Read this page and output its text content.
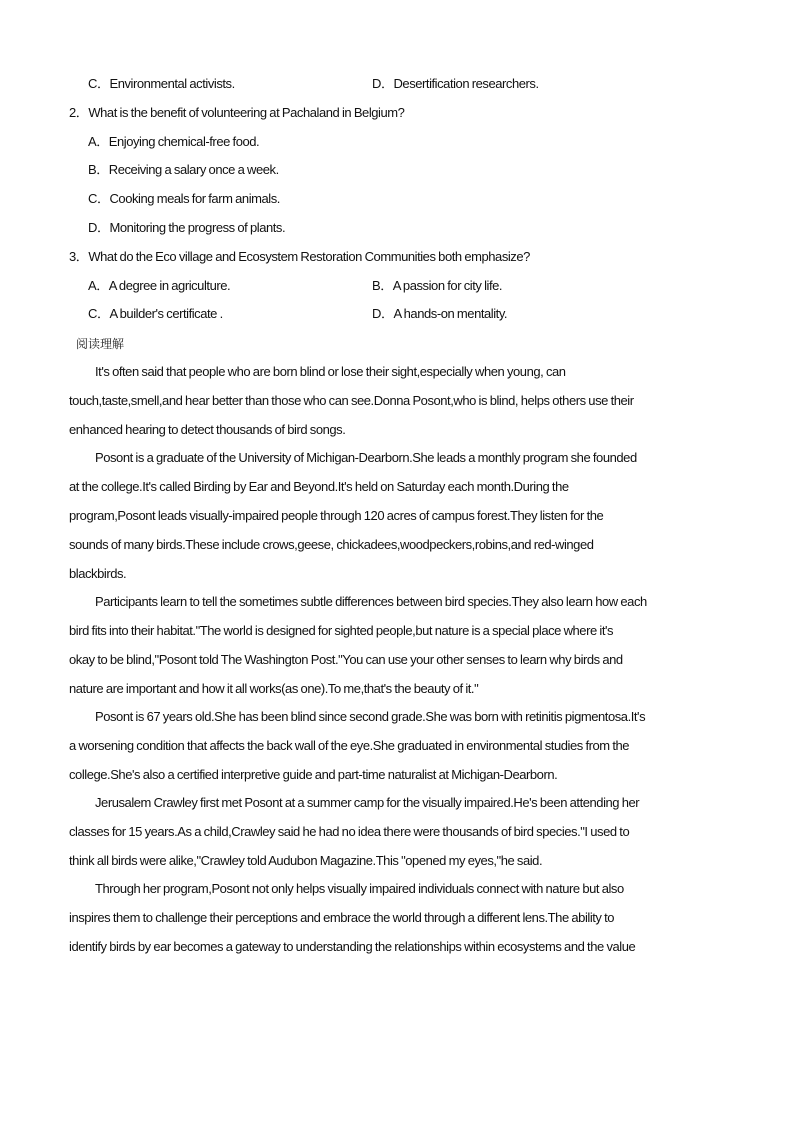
C．Environmental activists.	D．Desertification researchers.
2．What is the benefit of volunteering at Pachaland in Belgium?
A．Enjoying chemical-free food.
B．Receiving a salary once a week.
C．Cooking meals for farm animals.
D．Monitoring the progress of plants.
3．What do the Eco village and Ecosystem Restoration Communities both emphasize?
A．A degree in agriculture.	B．A passion for city life.
C．A builder's certificate .	D．A hands-on mentality.
阅读理解
It's often said that people who are born blind or lose their sight,especially when young, can
touch,taste,smell,and hear better than those who can see.Donna Posont,who is blind, helps others use their
enhanced hearing to detect thousands of bird songs.
Posont is a graduate of the University of Michigan-Dearborn.She leads a monthly program she founded
at the college.It's called Birding by Ear and Beyond.It's held on Saturday each month.During the
program,Posont leads visually-impaired people through 120 acres of campus forest.They listen for the
sounds of many birds.These include crows,geese, chickadees,woodpeckers,robins,and red-winged
blackbirds.
Participants learn to tell the sometimes subtle differences between bird species.They also learn how each
bird fits into their habitat."The world is designed for sighted people,but nature is a special place where it's
okay to be blind,"Posont told The Washington Post."You can use your other senses to learn why birds and
nature are important and how it all works(as one).To me,that's the beauty of it."
Posont is 67 years old.She has been blind since second grade.She was born with retinitis pigmentosa.It's
a worsening condition that affects the back wall of the eye.She graduated in environmental studies from the
college.She's also a certified interpretive guide and part-time naturalist at Michigan-Dearborn.
Jerusalem Crawley first met Posont at a summer camp for the visually impaired.He's been attending her
classes for 15 years.As a child,Crawley said he had no idea there were thousands of bird species."I used to
think all birds were alike,"Crawley told Audubon Magazine.This "opened my eyes,"he said.
Through her program,Posont not only helps visually impaired individuals connect with nature but also
inspires them to challenge their perceptions and embrace the world through a different lens.The ability to
identify birds by ear becomes a gateway to understanding the relationships within ecosystems and the value
